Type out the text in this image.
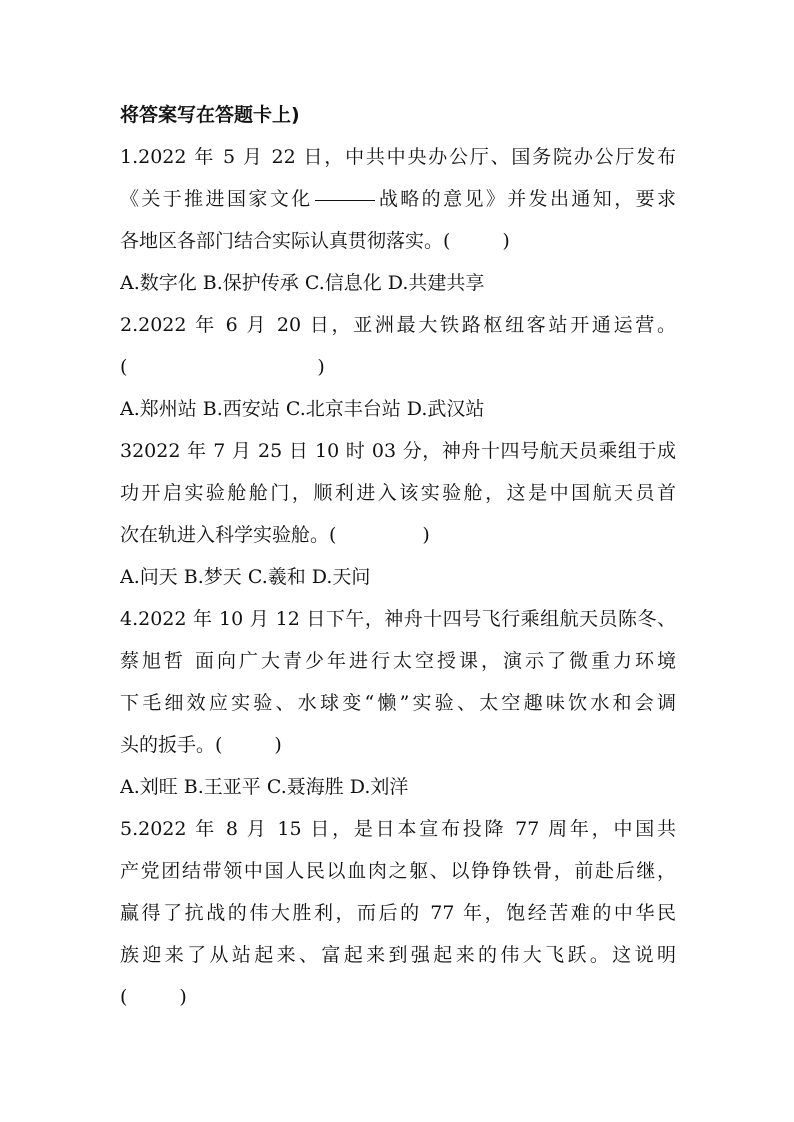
将答案写在答题卡上)
1.2022 年 5 月 22 日，中共中央办公厅、国务院办公厅发布
《关于推进国家文化	战略的意见》并发出通知，要求
各地区各部门结合实际认真贯彻落实。(	)
A.数字化 B.保护传承 C.信息化 D.共建共享
2.2022 年 6 月 20 日，亚洲最大铁路枢纽客站开通运营。
(	)
A.郑州站 B.西安站 C.北京丰台站 D.武汉站
32022 年 7 月 25 日 10 时 03 分，神舟十四号航天员乘组于成
功开启实验舱舱门，顺利进入该实验舱，这是中国航天员首
次在轨进入科学实验舱。(	)
A.问天 B.梦天 C.羲和 D.天问
4.2022 年 10 月 12 日下午，神舟十四号飞行乘组航天员陈冬、
蔡旭哲 面向广大青少年进行太空授课，演示了微重力环境
下毛细效应实验、水球变“懒”实验、太空趣味饮水和会调
头的扳手。(	)
A.刘旺 B.王亚平 C.聂海胜 D.刘洋
5.2022 年 8 月 15 日，是日本宣布投降 77 周年，中国共
产党团结带领中国人民以血肉之躯、以铮铮铁骨，前赴后继，
赢得了抗战的伟大胜利，而后的 77 年，饱经苦难的中华民
族迎来了从站起来、富起来到强起来的伟大飞跃。这说明
(	)
